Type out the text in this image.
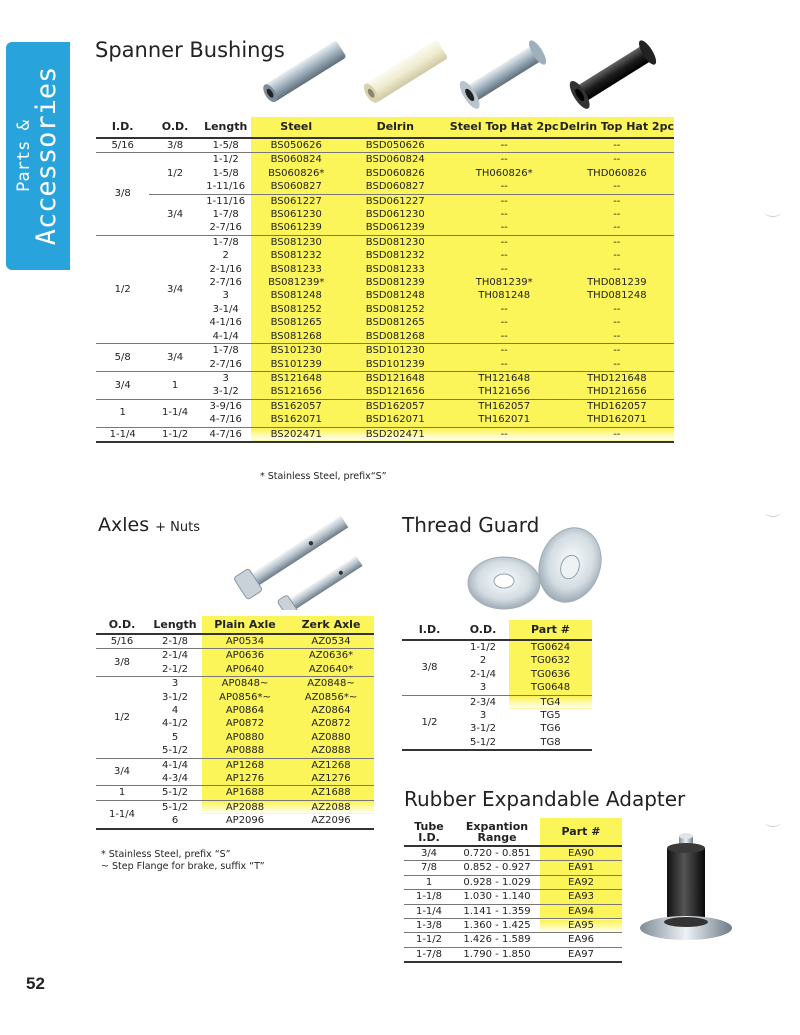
Parts &
Accessories
Spanner Bushings
I.D.	O.D.	Length	Steel	Delrin	Steel Top Hat 2pc	Delrin Top Hat 2pc
5/16	3/8	1-5/8	BS050626	BSD050626	--	--
3/8	1/2	1-1/2	BS060824	BSD060824	--	--
		1-5/8	BS060826*	BSD060826	TH060826*	THD060826
		1-11/16	BS060827	BSD060827	--	--
	3/4	1-11/16	BS061227	BSD061227	--	--
		1-7/8	BS061230	BSD061230	--	--
		2-7/16	BS061239	BSD061239	--	--
1/2	3/4	1-7/8	BS081230	BSD081230	--	--
		2	BS081232	BSD081232	--	--
		2-1/16	BS081233	BSD081233	--	--
		2-7/16	BS081239*	BSD081239	TH081239*	THD081239
		3	BS081248	BSD081248	TH081248	THD081248
		3-1/4	BS081252	BSD081252	--	--
		4-1/16	BS081265	BSD081265	--	--
		4-1/4	BS081268	BSD081268	--	--
5/8	3/4	1-7/8	BS101230	BSD101230	--	--
		2-7/16	BS101239	BSD101239	--	--
3/4	1	3	BS121648	BSD121648	TH121648	THD121648
		3-1/2	BS121656	BSD121656	TH121656	THD121656
1	1-1/4	3-9/16	BS162057	BSD162057	TH162057	THD162057
		4-7/16	BS162071	BSD162071	TH162071	THD162071
1-1/4	1-1/2	4-7/16	BS202471	BSD202471	--	--
* Stainless Steel, prefix“S”
Axles + Nuts
O.D.	Length	Plain Axle	Zerk Axle
5/16	2-1/8	AP0534	AZ0534
3/8	2-1/4	AP0636	AZ0636*
	2-1/2	AP0640	AZ0640*
1/2	3	AP0848~	AZ0848~
	3-1/2	AP0856*~	AZ0856*~
	4	AP0864	AZ0864
	4-1/2	AP0872	AZ0872
	5	AP0880	AZ0880
	5-1/2	AP0888	AZ0888
3/4	4-1/4	AP1268	AZ1268
	4-3/4	AP1276	AZ1276
1	5-1/2	AP1688	AZ1688
1-1/4	5-1/2	AP2088	AZ2088
	6	AP2096	AZ2096
* Stainless Steel, prefix “S”
~ Step Flange for brake, suffix “T”
Thread Guard
I.D.	O.D.	Part #
3/8	1-1/2	TG0624
	2	TG0632
	2-1/4	TG0636
	3	TG0648
1/2	2-3/4	TG4
	3	TG5
	3-1/2	TG6
	5-1/2	TG8
Rubber Expandable Adapter
Tube I.D.	Expantion Range	Part #
3/4	0.720 - 0.851	EA90
7/8	0.852 - 0.927	EA91
1	0.928 - 1.029	EA92
1-1/8	1.030 - 1.140	EA93
1-1/4	1.141 - 1.359	EA94
1-3/8	1.360 - 1.425	EA95
1-1/2	1.426 - 1.589	EA96
1-7/8	1.790 - 1.850	EA97
52
